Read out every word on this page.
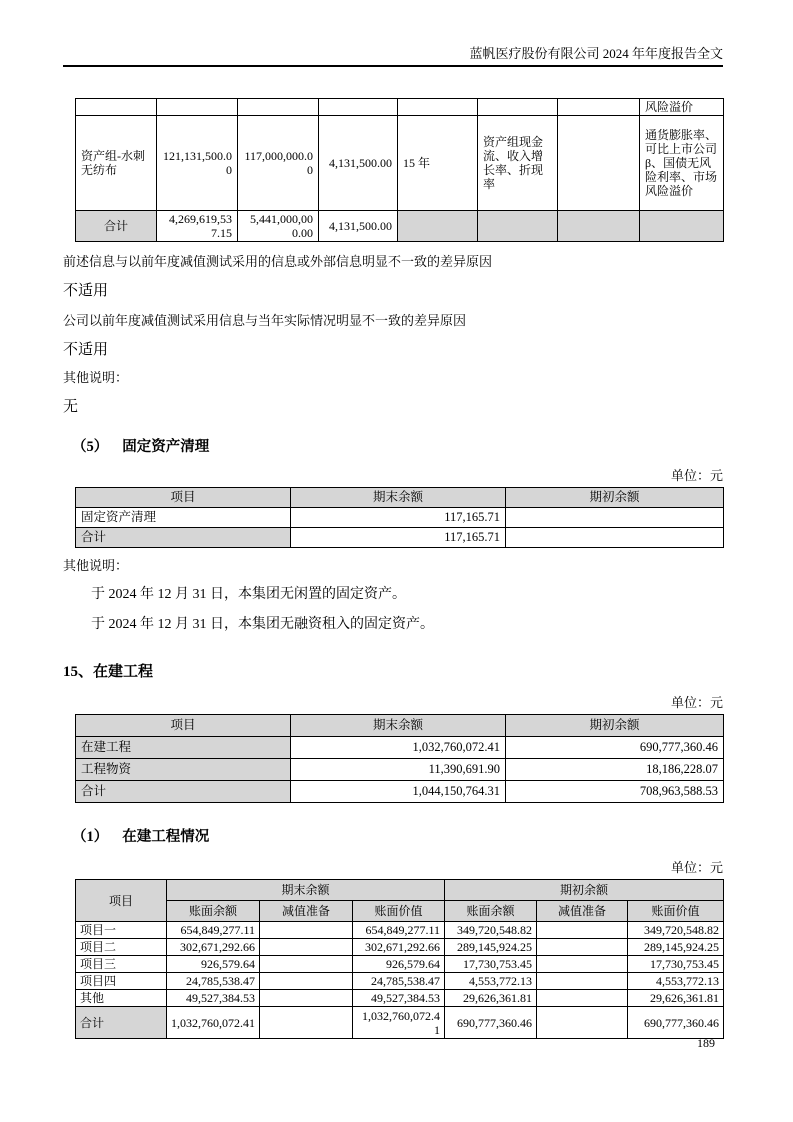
蓝帆医疗股份有限公司 2024 年年度报告全文
							风险溢价
资产组-水刺无纺布	121,131,500.00	117,000,000.00	4,131,500.00	15 年	资产组现金流、收入增长率、折现率		通货膨胀率、可比上市公司β、国债无风险利率、市场风险溢价
合计	4,269,619,537.15	5,441,000,000.00	4,131,500.00				
前述信息与以前年度减值测试采用的信息或外部信息明显不一致的差异原因
不适用
公司以前年度减值测试采用信息与当年实际情况明显不一致的差异原因
不适用
其他说明：
无
（5） 固定资产清理
单位：元
项目	期末余额	期初余额
固定资产清理	117,165.71	
合计	117,165.71	
其他说明：
于 2024 年 12 月 31 日，本集团无闲置的固定资产。
于 2024 年 12 月 31 日，本集团无融资租入的固定资产。
15、在建工程
单位：元
项目	期末余额	期初余额
在建工程	1,032,760,072.41	690,777,360.46
工程物资	11,390,691.90	18,186,228.07
合计	1,044,150,764.31	708,963,588.53
（1） 在建工程情况
单位：元
项目	期末余额			期初余额		
	账面余额	减值准备	账面价值	账面余额	减值准备	账面价值
项目一	654,849,277.11		654,849,277.11	349,720,548.82		349,720,548.82
项目二	302,671,292.66		302,671,292.66	289,145,924.25		289,145,924.25
项目三	926,579.64		926,579.64	17,730,753.45		17,730,753.45
项目四	24,785,538.47		24,785,538.47	4,553,772.13		4,553,772.13
其他	49,527,384.53		49,527,384.53	29,626,361.81		29,626,361.81
合计	1,032,760,072.41		1,032,760,072.41	690,777,360.46		690,777,360.46
189
